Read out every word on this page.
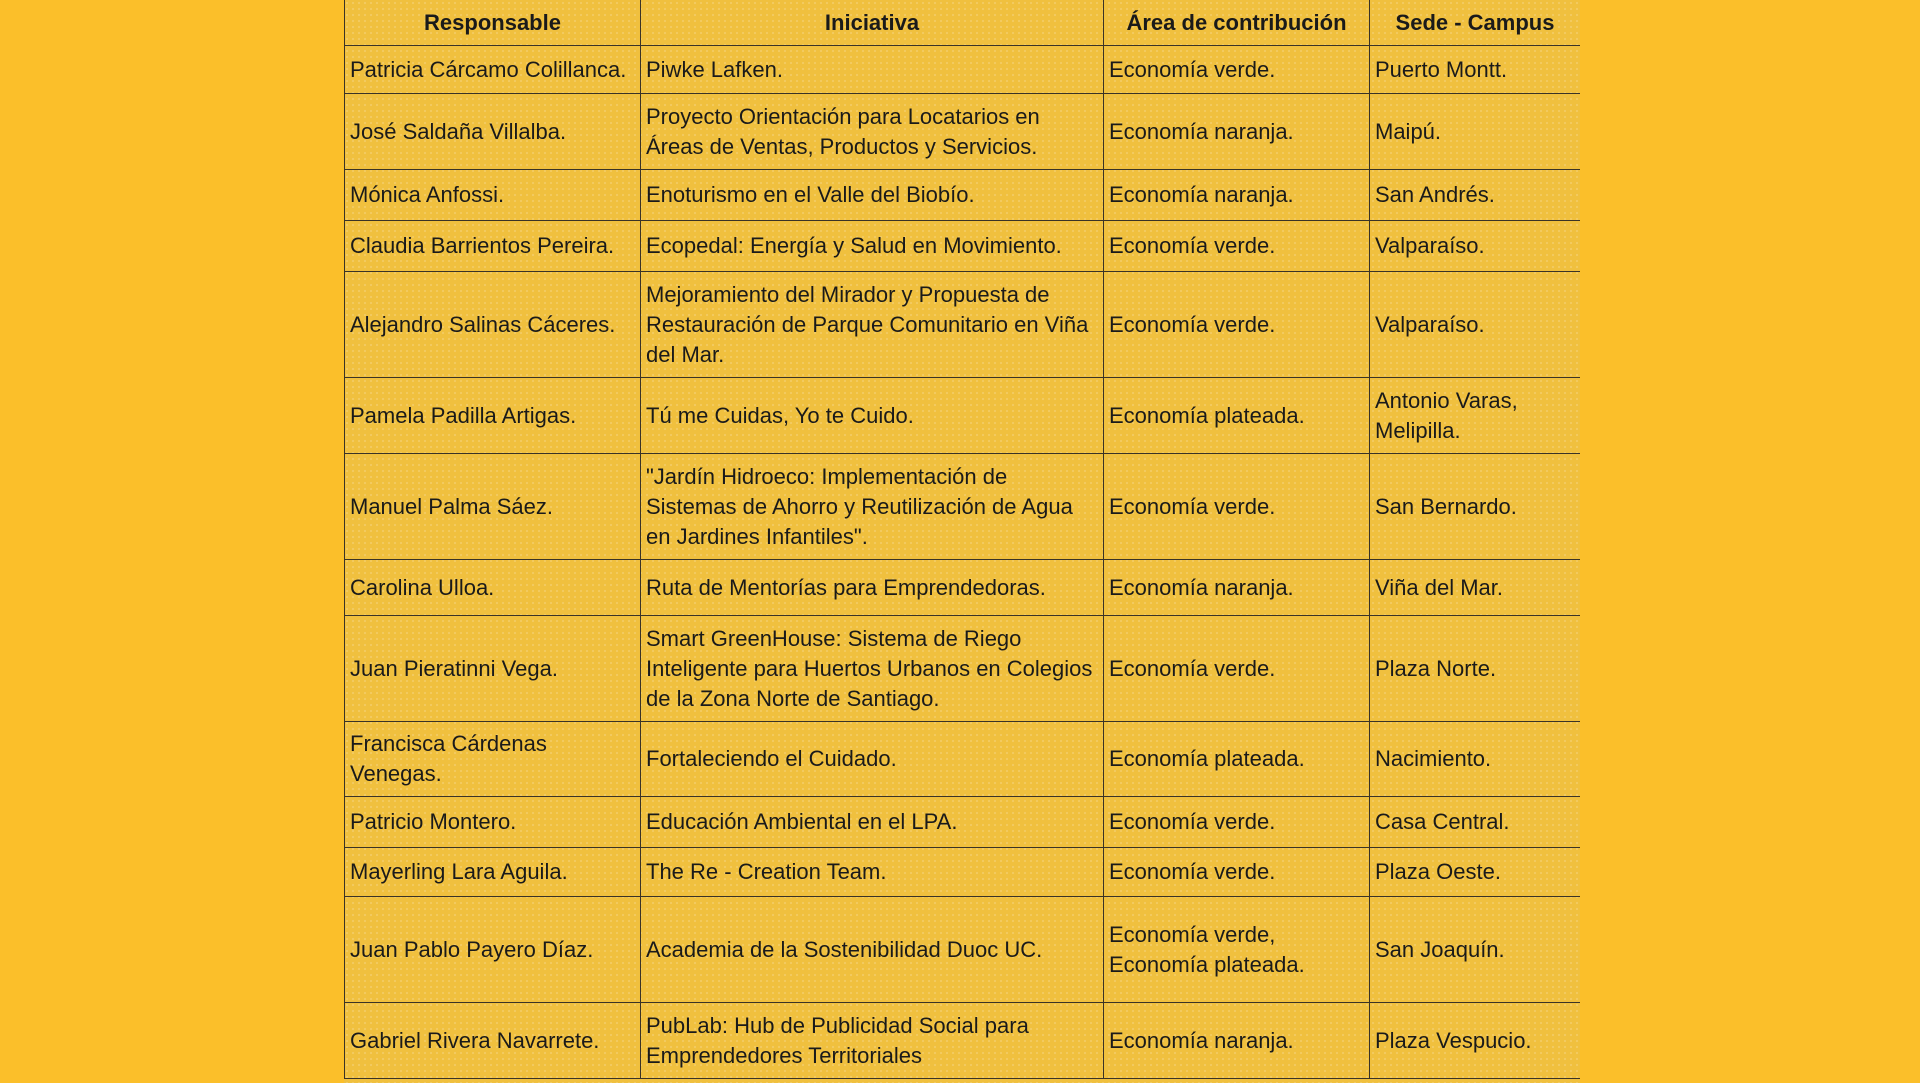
Responsable	Iniciativa	Área de contribución	Sede - Campus
Patricia Cárcamo Colillanca.	Piwke Lafken.	Economía verde.	Puerto Montt.
José Saldaña Villalba.	Proyecto Orientación para Locatarios en Áreas de Ventas, Productos y Servicios.	Economía naranja.	Maipú.
Mónica Anfossi.	Enoturismo en el Valle del Biobío.	Economía naranja.	San Andrés.
Claudia Barrientos Pereira.	Ecopedal: Energía y Salud en Movimiento.	Economía verde.	Valparaíso.
Alejandro Salinas Cáceres.	Mejoramiento del Mirador y Propuesta de Restauración de Parque Comunitario en Viña del Mar.	Economía verde.	Valparaíso.
Pamela Padilla Artigas.	Tú me Cuidas, Yo te Cuido.	Economía plateada.	Antonio Varas, Melipilla.
Manuel Palma Sáez.	"Jardín Hidroeco: Implementación de Sistemas de Ahorro y Reutilización de Agua en Jardines Infantiles".	Economía verde.	San Bernardo.
Carolina Ulloa.	Ruta de Mentorías para Emprendedoras.	Economía naranja.	Viña del Mar.
Juan Pieratinni Vega.	Smart GreenHouse: Sistema de Riego Inteligente para Huertos Urbanos en Colegios de la Zona Norte de Santiago.	Economía verde.	Plaza Norte.
Francisca Cárdenas Venegas.	Fortaleciendo el Cuidado.	Economía plateada.	Nacimiento.
Patricio Montero.	Educación Ambiental en el LPA.	Economía verde.	Casa Central.
Mayerling Lara Aguila.	The Re - Creation Team.	Economía verde.	Plaza Oeste.
Juan Pablo Payero Díaz.	Academia de la Sostenibilidad Duoc UC.	Economía verde, Economía plateada.	San Joaquín.
Gabriel Rivera Navarrete.	PubLab: Hub de Publicidad Social para Emprendedores Territoriales	Economía naranja.	Plaza Vespucio.
